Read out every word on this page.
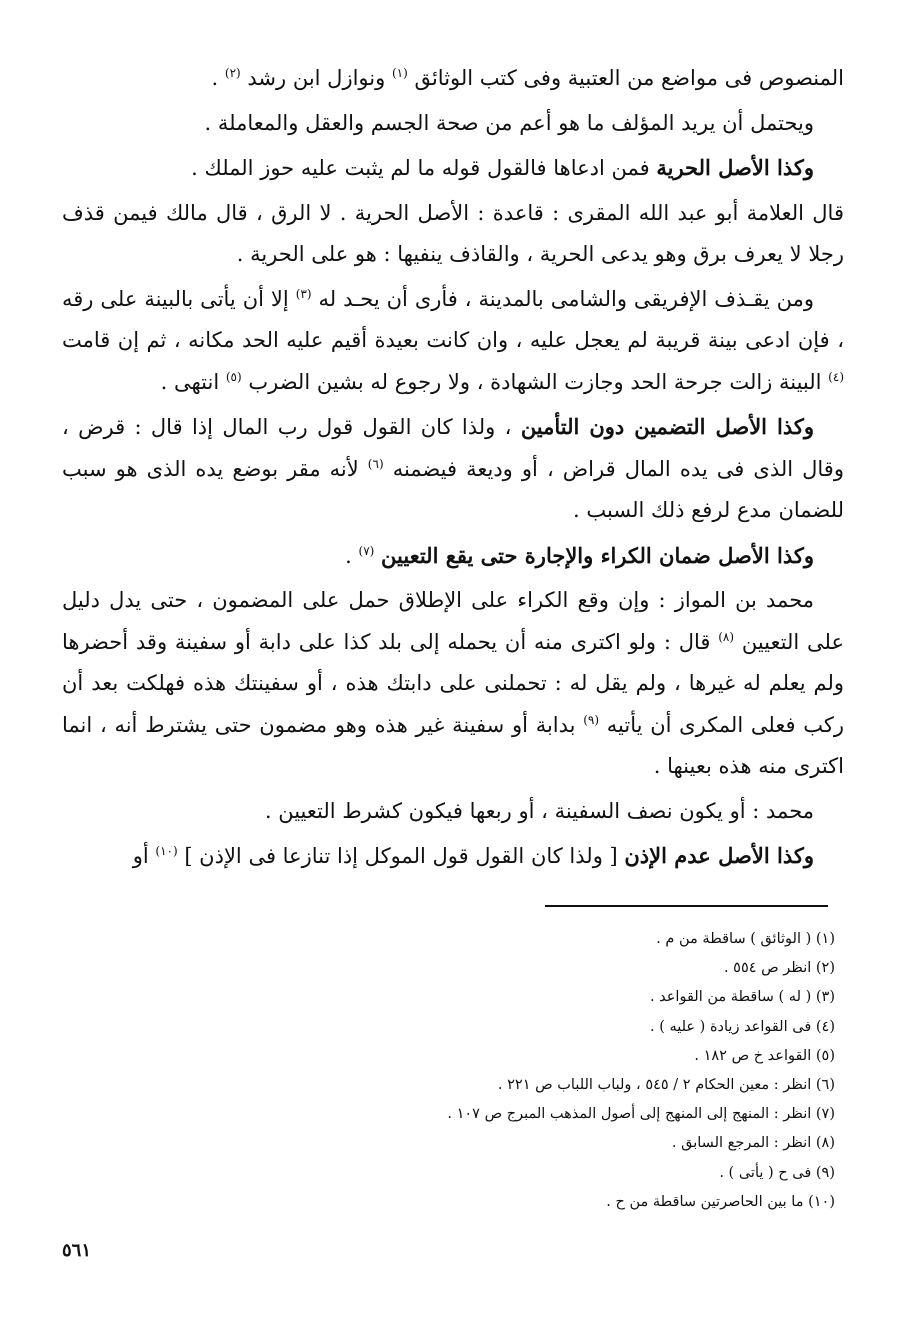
المنصوص فى مواضع من العتبية وفى كتب الوثائق $^{(١)}$ ونوازل ابن رشد $^{(٢)}$ .

ويحتمل أن يريد المؤلف ما هو أعم من صحة الجسم والعقل والمعاملة .

وكذا الأصل الحرية فمن ادعاها فالقول قوله ما لم يثبت عليه حوز الملك .

قال العلامة أبو عبد الله المقرى : قاعدة : الأصل الحرية . لا الرق ، قال مالك فيمن قذف رجلا لا يعرف برق وهو يدعى الحرية ، والقاذف ينفيها : هو على الحرية .

ومن يقـذف الإفريقى والشامى بالمدينة ، فأرى أن يحـد له $^{(٣)}$ إلا أن يأتى بالبينة على رقه ، فإن ادعى بينة قريبة لم يعجل عليه ، وان كانت بعيدة أقيم عليه الحد مكانه ، ثم إن قامت $^{(٤)}$ البينة زالت جرحة الحد وجازت الشهادة ، ولا رجوع له بشين الضرب $^{(٥)}$ انتهى .

وكذا الأصل التضمين دون التأمين ، ولذا كان القول قول رب المال إذا قال : قرض ، وقال الذى فى يده المال قراض ، أو وديعة فيضمنه $^{(٦)}$ لأنه مقر بوضع يده الذى هو سبب للضمان مدع لرفع ذلك السبب .

وكذا الأصل ضمان الكراء والإجارة حتى يقع التعيين $^{(٧)}$ .

محمد بن المواز : وإن وقع الكراء على الإطلاق حمل على المضمون ، حتى يدل دليل على التعيين $^{(٨)}$ قال : ولو اكترى منه أن يحمله إلى بلد كذا على دابة أو سفينة وقد أحضرها ولم يعلم له غيرها ، ولم يقل له : تحملنى على دابتك هذه ، أو سفينتك هذه فهلكت بعد أن ركب فعلى المكرى أن يأتيه $^{(٩)}$ بدابة أو سفينة غير هذه وهو مضمون حتى يشترط أنه ، انما اكترى منه هذه بعينها .

محمد : أو يكون نصف السفينة ، أو ربعها فيكون كشرط التعيين .

وكذا الأصل عدم الإذن [ ولذا كان القول قول الموكل إذا تنازعا فى الإذن ] $^{(١٠)}$ أو

(١) ( الوثائق ) ساقطة من م .
(٢) انظر ص ٥٥٤ .
(٣) ( له ) ساقطة من القواعد .
(٤) فى القواعد زيادة ( عليه ) .
(٥) القواعد خ ص ١٨٢ .
(٦) انظر : معين الحكام ٢ / ٥٤٥ ، ولباب اللباب ص ٢٢١ .
(٧) انظر : المنهج إلى المنهج إلى أصول المذهب المبرج ص ١٠٧ .
(٨) انظر : المرجع السابق .
(٩) فى ح ( يأتى ) .
(١٠) ما بين الحاصرتين ساقطة من ح .
٥٦١
